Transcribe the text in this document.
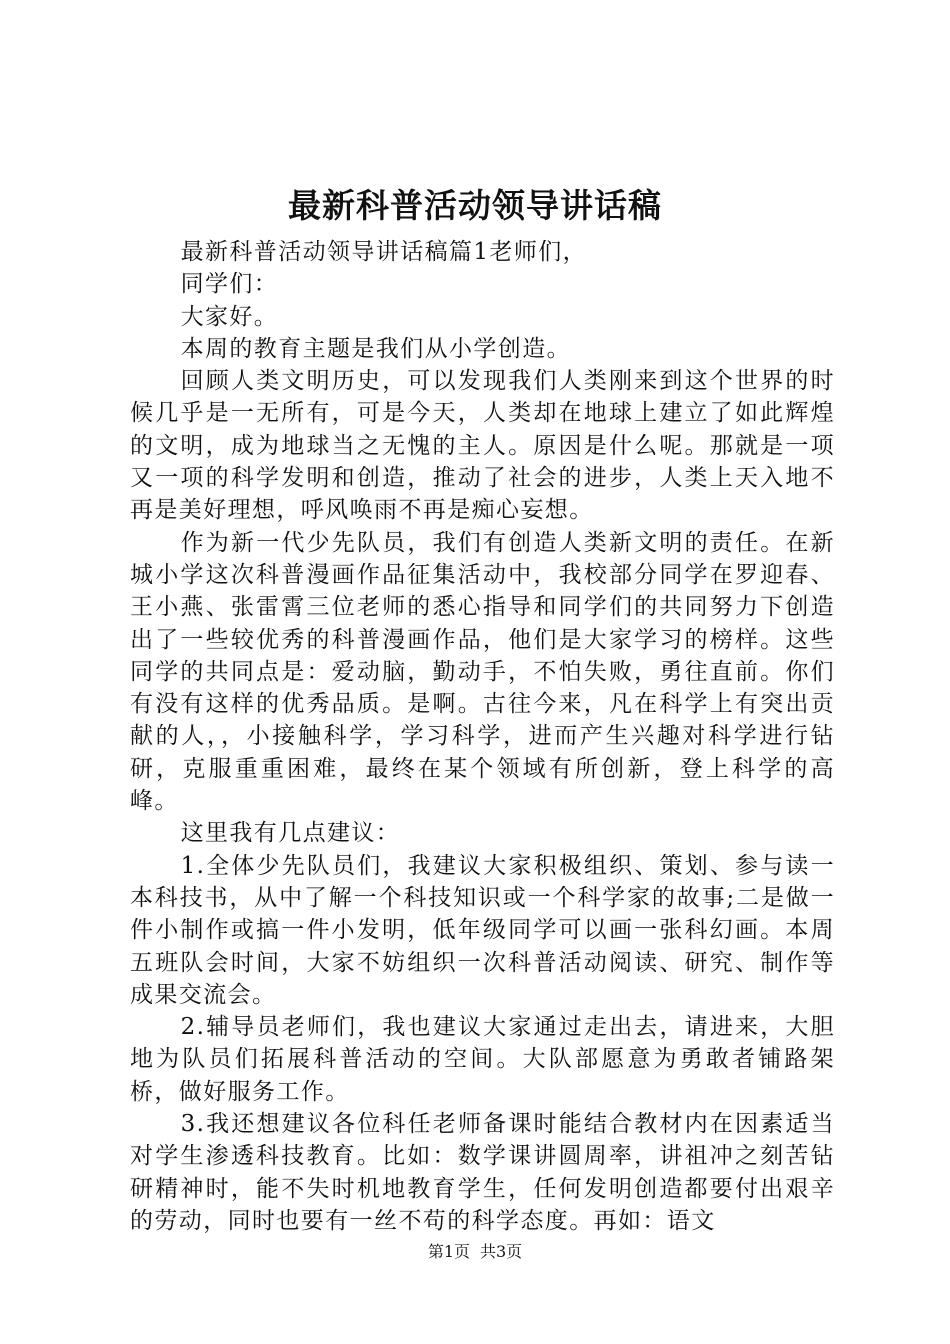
最新科普活动领导讲话稿

最新科普活动领导讲话稿篇1老师们，

同学们：

大家好。

本周的教育主题是我们从小学创造。

回顾人类文明历史，可以发现我们人类刚来到这个世界的时候几乎是一无所有，可是今天，人类却在地球上建立了如此辉煌的文明，成为地球当之无愧的主人。原因是什么呢。那就是一项又一项的科学发明和创造，推动了社会的进步，人类上天入地不再是美好理想，呼风唤雨不再是痴心妄想。

作为新一代少先队员，我们有创造人类新文明的责任。在新城小学这次科普漫画作品征集活动中，我校部分同学在罗迎春、王小燕、张雷霄三位老师的悉心指导和同学们的共同努力下创造出了一些较优秀的科普漫画作品，他们是大家学习的榜样。这些同学的共同点是：爱动脑，勤动手，不怕失败，勇往直前。你们有没有这样的优秀品质。是啊。古往今来，凡在科学上有突出贡献的人，，小接触科学，学习科学，进而产生兴趣对科学进行钻研，克服重重困难，最终在某个领域有所创新，登上科学的高峰。

这里我有几点建议：

1.全体少先队员们，我建议大家积极组织、策划、参与读一本科技书，从中了解一个科技知识或一个科学家的故事;二是做一件小制作或搞一件小发明，低年级同学可以画一张科幻画。本周五班队会时间，大家不妨组织一次科普活动阅读、研究、制作等成果交流会。

2.辅导员老师们，我也建议大家通过走出去，请进来，大胆地为队员们拓展科普活动的空间。大队部愿意为勇敢者铺路架桥，做好服务工作。

3.我还想建议各位科任老师备课时能结合教材内在因素适当对学生渗透科技教育。比如：数学课讲圆周率，讲祖冲之刻苦钻研精神时，能不失时机地教育学生，任何发明创造都要付出艰辛的劳动，同时也要有一丝不苟的科学态度。再如：语文

第1页 共3页
